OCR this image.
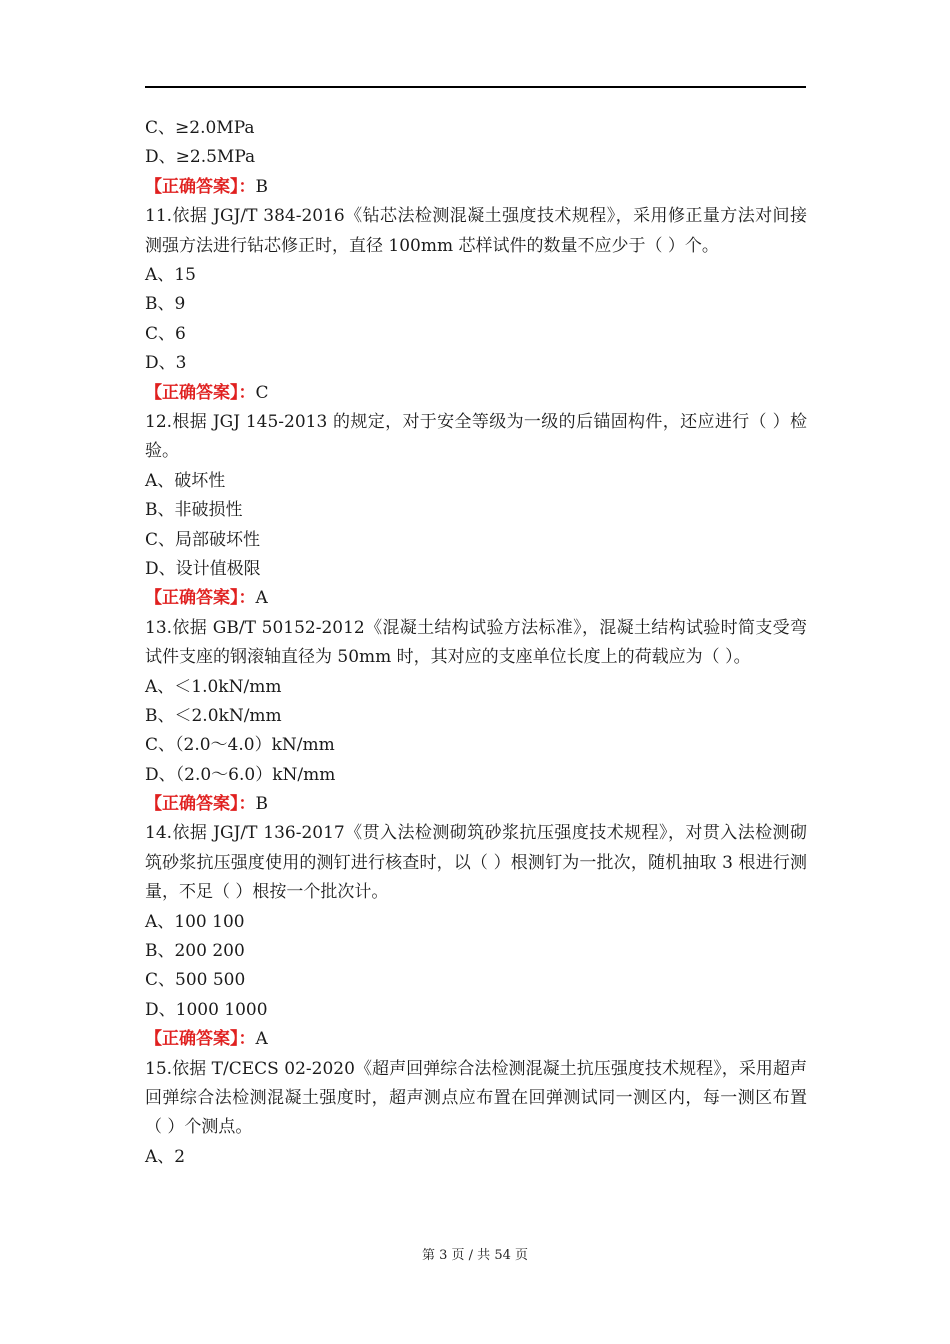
C、≥2.0MPa
D、≥2.5MPa
【正确答案】：B
11.依据 JGJ/T 384-2016《钻芯法检测混凝土强度技术规程》，采用修正量方法对间接测强方法进行钻芯修正时，直径 100mm 芯样试件的数量不应少于（ ）个。
A、15
B、9
C、6
D、3
【正确答案】：C
12.根据 JGJ 145-2013 的规定，对于安全等级为一级的后锚固构件，还应进行（ ）检验。
A、破坏性
B、非破损性
C、局部破坏性
D、设计值极限
【正确答案】：A
13.依据 GB/T 50152-2012《混凝土结构试验方法标准》，混凝土结构试验时简支受弯试件支座的钢滚轴直径为 50mm 时，其对应的支座单位长度上的荷载应为（ ）。
A、＜1.0kN/mm
B、＜2.0kN/mm
C、（2.0～4.0）kN/mm
D、（2.0～6.0）kN/mm
【正确答案】：B
14.依据 JGJ/T 136-2017《贯入法检测砌筑砂浆抗压强度技术规程》，对贯入法检测砌筑砂浆抗压强度使用的测钉进行核查时，以（ ）根测钉为一批次，随机抽取 3 根进行测量，不足（ ）根按一个批次计。
A、100 100
B、200 200
C、500 500
D、1000 1000
【正确答案】：A
15.依据 T/CECS 02-2020《超声回弹综合法检测混凝土抗压强度技术规程》，采用超声回弹综合法检测混凝土强度时，超声测点应布置在回弹测试同一测区内，每一测区布置（ ）个测点。
A、2
第 3 页 / 共 54 页
